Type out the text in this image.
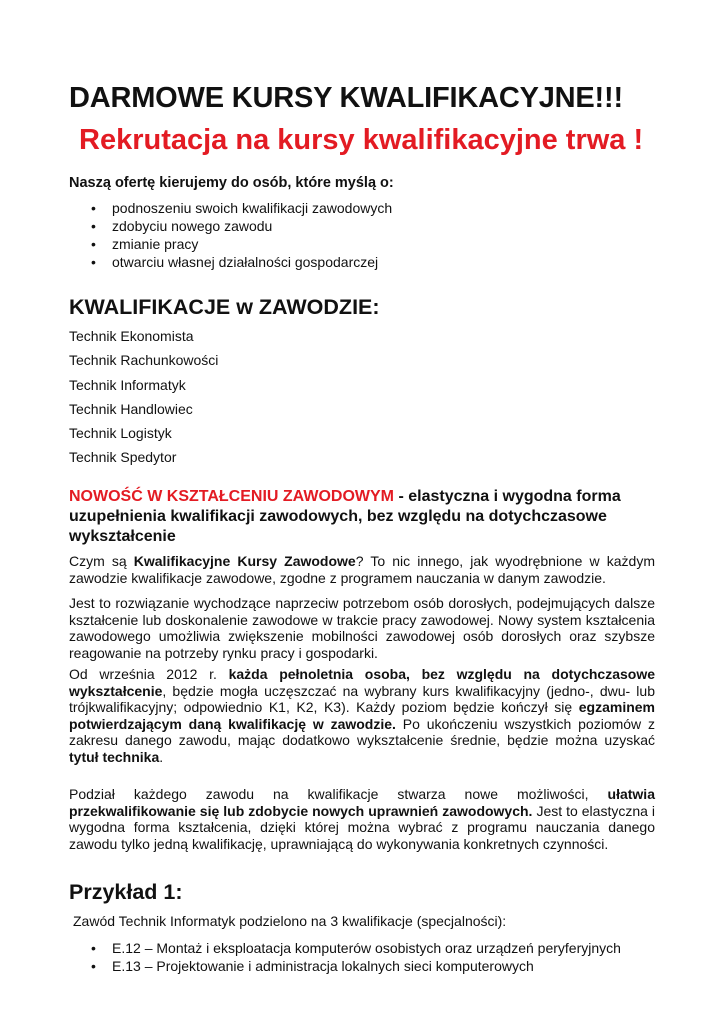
DARMOWE KURSY KWALIFIKACYJNE!!!
Rekrutacja na kursy kwalifikacyjne trwa !

Naszą ofertę kierujemy do osób, które myślą o:

• podnoszeniu swoich kwalifikacji zawodowych
• zdobyciu nowego zawodu
• zmianie pracy
• otwarciu własnej działalności gospodarczej
KWALIFIKACJE w ZAWODZIE:
Technik Ekonomista
Technik Rachunkowości
Technik Informatyk
Technik Handlowiec
Technik Logistyk
Technik Spedytor

NOWOŚĆ W KSZTAŁCENIU ZAWODOWYM - elastyczna i wygodna forma uzupełnienia kwalifikacji zawodowych, bez względu na dotychczasowe wykształcenie

Czym są Kwalifikacyjne Kursy Zawodowe? To nic innego, jak wyodrębnione w każdym zawodzie kwalifikacje zawodowe, zgodne z programem nauczania w danym zawodzie.

Jest to rozwiązanie wychodzące naprzeciw potrzebom osób dorosłych, podejmujących dalsze kształcenie lub doskonalenie zawodowe w trakcie pracy zawodowej. Nowy system kształcenia zawodowego umożliwia zwiększenie mobilności zawodowej osób dorosłych oraz szybsze reagowanie na potrzeby rynku pracy i gospodarki.

Od września 2012 r. każda pełnoletnia osoba, bez względu na dotychczasowe wykształcenie, będzie mogła uczęszczać na wybrany kurs kwalifikacyjny (jedno-, dwu- lub trójkwalifikacyjny; odpowiednio K1, K2, K3). Każdy poziom będzie kończył się egzaminem potwierdzającym daną kwalifikację w zawodzie. Po ukończeniu wszystkich poziomów z zakresu danego zawodu, mając dodatkowo wykształcenie średnie, będzie można uzyskać tytuł technika.

Podział każdego zawodu na kwalifikacje stwarza nowe możliwości, ułatwia przekwalifikowanie się lub zdobycie nowych uprawnień zawodowych. Jest to elastyczna i wygodna forma kształcenia, dzięki której można wybrać z programu nauczania danego zawodu tylko jedną kwalifikację, uprawniającą do wykonywania konkretnych czynności.

Przykład 1:

Zawód Technik Informatyk podzielono na 3 kwalifikacje (specjalności):

• E.12 – Montaż i eksploatacja komputerów osobistych oraz urządzeń peryferyjnych
• E.13 – Projektowanie i administracja lokalnych sieci komputerowych
